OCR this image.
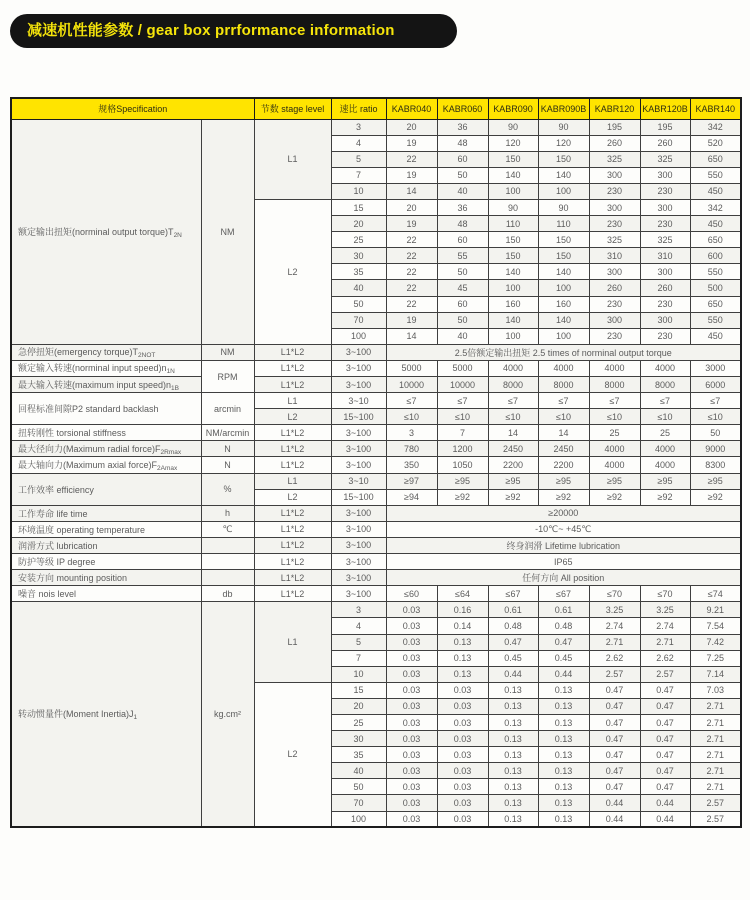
减速机性能参数 / gear box prrformance information
规格Specification		节数 stage level	速比 ratio	KABR040	KABR060	KABR090	KABR090B	KABR120	KABR120B	KABR140
额定输出扭矩(norminal output $torque)T_{2N}$	NM	L1	3	20	36	90	90	195	195	342
			4	19	48	120	120	260	260	520
			5	22	60	150	150	325	325	650
			7	19	50	140	140	300	300	550
			10	14	40	100	100	230	230	450
		L2	15	20	36	90	90	300	300	342
			20	19	48	110	110	230	230	450
			25	22	60	150	150	325	325	650
			30	22	55	150	150	310	310	600
			35	22	50	140	140	300	300	550
			40	22	45	100	100	260	260	500
			50	22	60	160	160	230	230	650
			70	19	50	140	140	300	300	550
			100	14	40	100	100	230	230	450
急停扭矩(emergency $torque)T_{2NOT}$	NM	L1*L2	3~100	2.5倍额定输出扭矩 2.5 times of norminal output torque						
额定输入转速(norminal input $speed)n_{1N}$	RPM	L1*L2	3~100	5000	5000	4000	4000	4000	4000	3000
最大输入转速(maximum input $speed)n_{1B}$		L1*L2	3~100	10000	10000	8000	8000	8000	8000	6000
回程标准间隙P2 standard backlash	arcmin	L1	3~10	≤7	≤7	≤7	≤7	≤7	≤7	≤7
		L2	15~100	≤10	≤10	≤10	≤10	≤10	≤10	≤10
扭转刚性 torsional stiffness	NM/arcmin	L1*L2	3~100	3	7	14	14	25	25	50
最大径向力(Maximum radial $force)F_{2Rmax}$	N	L1*L2	3~100	780	1200	2450	2450	4000	4000	9000
最大轴向力(Maximum axial $force)F_{2Amax}$	N	L1*L2	3~100	350	1050	2200	2200	4000	4000	8300
工作效率 efficiency	%	L1	3~10	≥97	≥95	≥95	≥95	≥95	≥95	≥95
		L2	15~100	≥94	≥92	≥92	≥92	≥92	≥92	≥92
工作寿命 life time	h	L1*L2	3~100	≥20000						
环境温度 operating temperature	℃	L1*L2	3~100	-10℃~ +45℃						
润滑方式 lubrication		L1*L2	3~100	终身润滑 Lifetime lubrication						
防护等级 IP degree		L1*L2	3~100	IP65						
安装方向 mounting position		L1*L2	3~100	任何方向 All position						
噪音 nois level	db	L1*L2	3~100	≤60	≤64	≤67	≤67	≤70	≤70	≤74
转动惯量件(Moment $Inertia)J_1$	kg.cm²	L1	3	0.03	0.16	0.61	0.61	3.25	3.25	9.21
			4	0.03	0.14	0.48	0.48	2.74	2.74	7.54
			5	0.03	0.13	0.47	0.47	2.71	2.71	7.42
			7	0.03	0.13	0.45	0.45	2.62	2.62	7.25
			10	0.03	0.13	0.44	0.44	2.57	2.57	7.14
		L2	15	0.03	0.03	0.13	0.13	0.47	0.47	7.03
			20	0.03	0.03	0.13	0.13	0.47	0.47	2.71
			25	0.03	0.03	0.13	0.13	0.47	0.47	2.71
			30	0.03	0.03	0.13	0.13	0.47	0.47	2.71
			35	0.03	0.03	0.13	0.13	0.47	0.47	2.71
			40	0.03	0.03	0.13	0.13	0.47	0.47	2.71
			50	0.03	0.03	0.13	0.13	0.47	0.47	2.71
			70	0.03	0.03	0.13	0.13	0.44	0.44	2.57
			100	0.03	0.03	0.13	0.13	0.44	0.44	2.57
